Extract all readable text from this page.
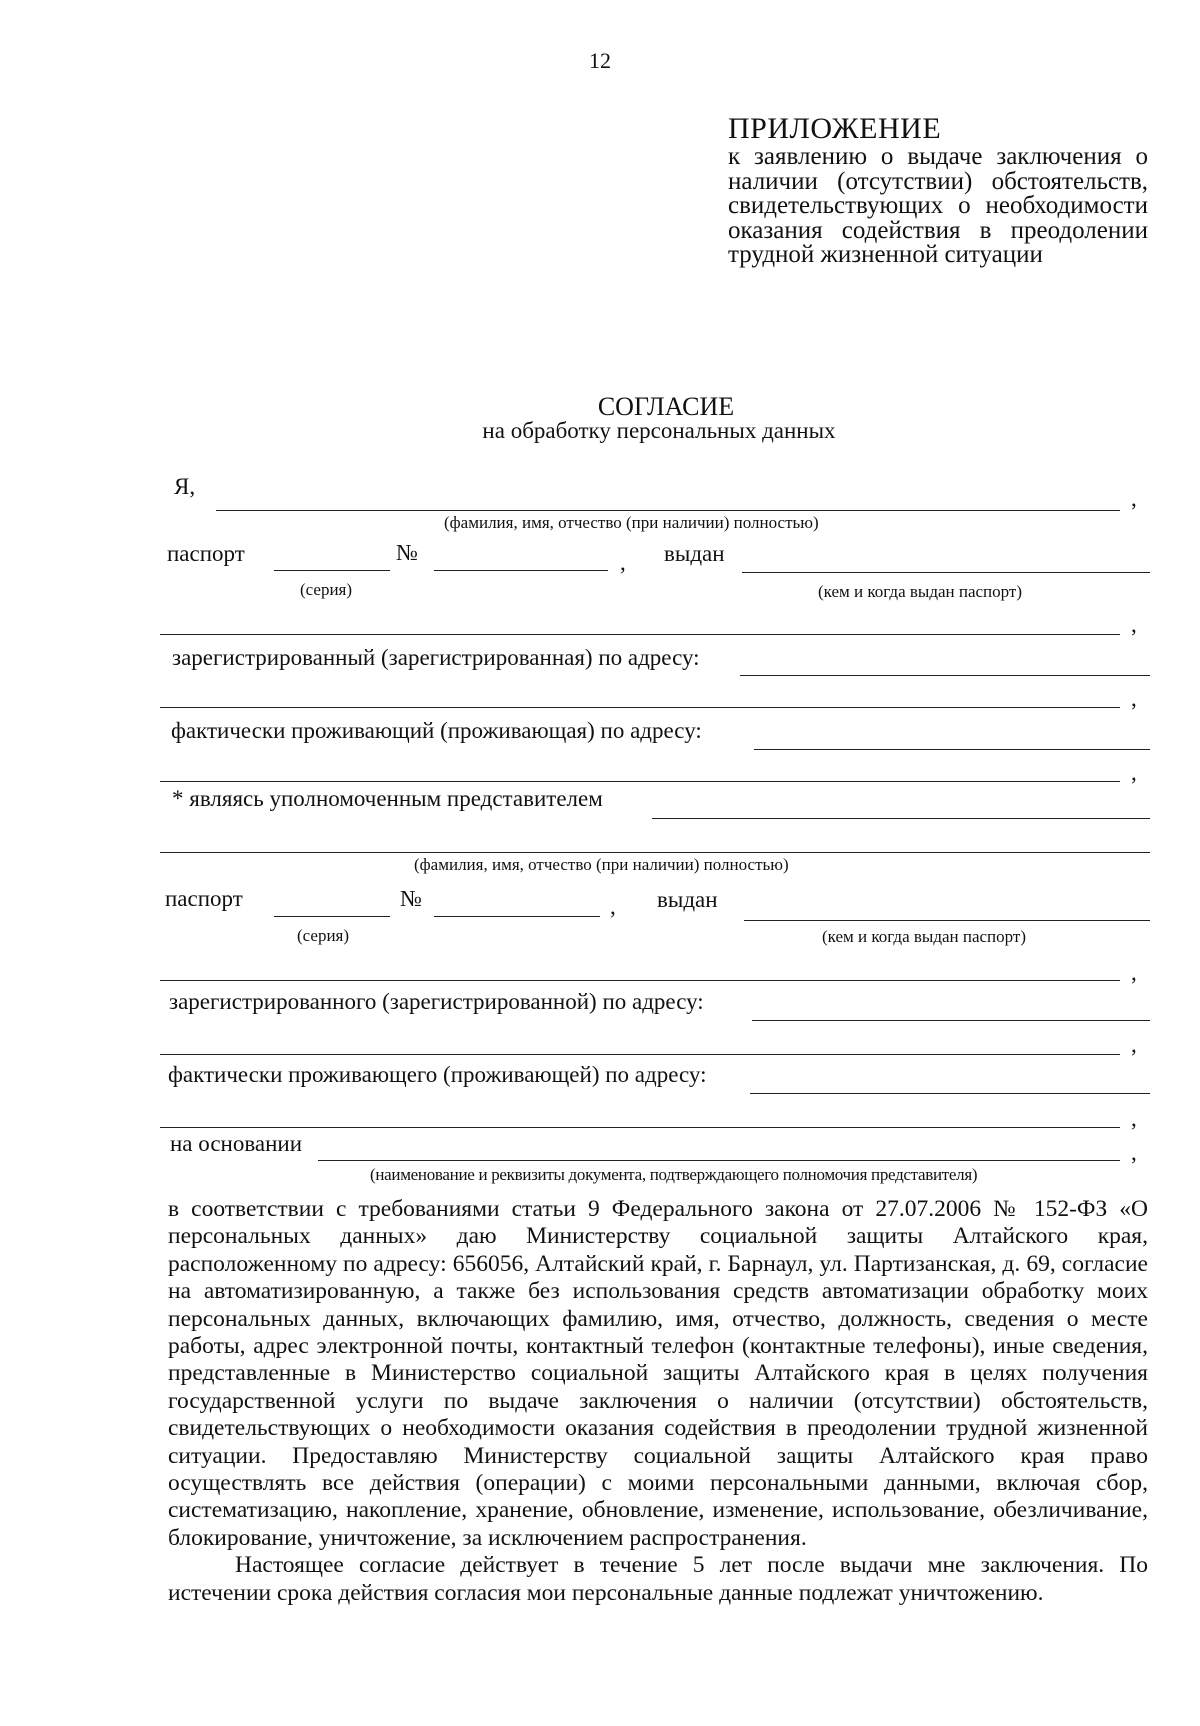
12
ПРИЛОЖЕНИЕ
к заявлению о выдаче заключения о наличии (отсутствии) обстоятельств, свидетельствующих о необходимости оказания содействия в преодолении трудной жизненной ситуации
СОГЛАСИЕ
на обработку персональных данных
Я,	,
(фамилия, имя, отчество (при наличии) полностью)
паспорт	№	, выдан
(серия)	(кем и когда выдан паспорт)
,
зарегистрированный (зарегистрированная) по адресу:
,
фактически проживающий (проживающая) по адресу:
,
* являясь уполномоченным представителем
(фамилия, имя, отчество (при наличии) полностью)
паспорт	№	, выдан
(серия)	(кем и когда выдан паспорт)
,
зарегистрированного (зарегистрированной) по адресу:
,
фактически проживающего (проживающей) по адресу:
,
на основании	,
(наименование и реквизиты документа, подтверждающего полномочия представителя)

в соответствии с требованиями статьи 9 Федерального закона от 27.07.2006 № 152-ФЗ «О персональных данных» даю Министерству социальной защиты Алтайского края, расположенному по адресу: 656056, Алтайский край, г. Барнаул, ул. Партизанская, д. 69, согласие на автоматизированную, а также без использования средств автоматизации обработку моих персональных данных, включающих фамилию, имя, отчество, должность, сведения о месте работы, адрес электронной почты, контактный телефон (контактные телефоны), иные сведения, представленные в Министерство социальной защиты Алтайского края в целях получения государственной услуги по выдаче заключения о наличии (отсутствии) обстоятельств, свидетельствующих о необходимости оказания содействия в преодолении трудной жизненной ситуации. Предоставляю Министерству социальной защиты Алтайского края право осуществлять все действия (операции) с моими персональными данными, включая сбор, систематизацию, накопление, хранение, обновление, изменение, использование, обезличивание, блокирование, уничтожение, за исключением распространения.

Настоящее согласие действует в течение 5 лет после выдачи мне заключения. По истечении срока действия согласия мои персональные данные подлежат уничтожению.
